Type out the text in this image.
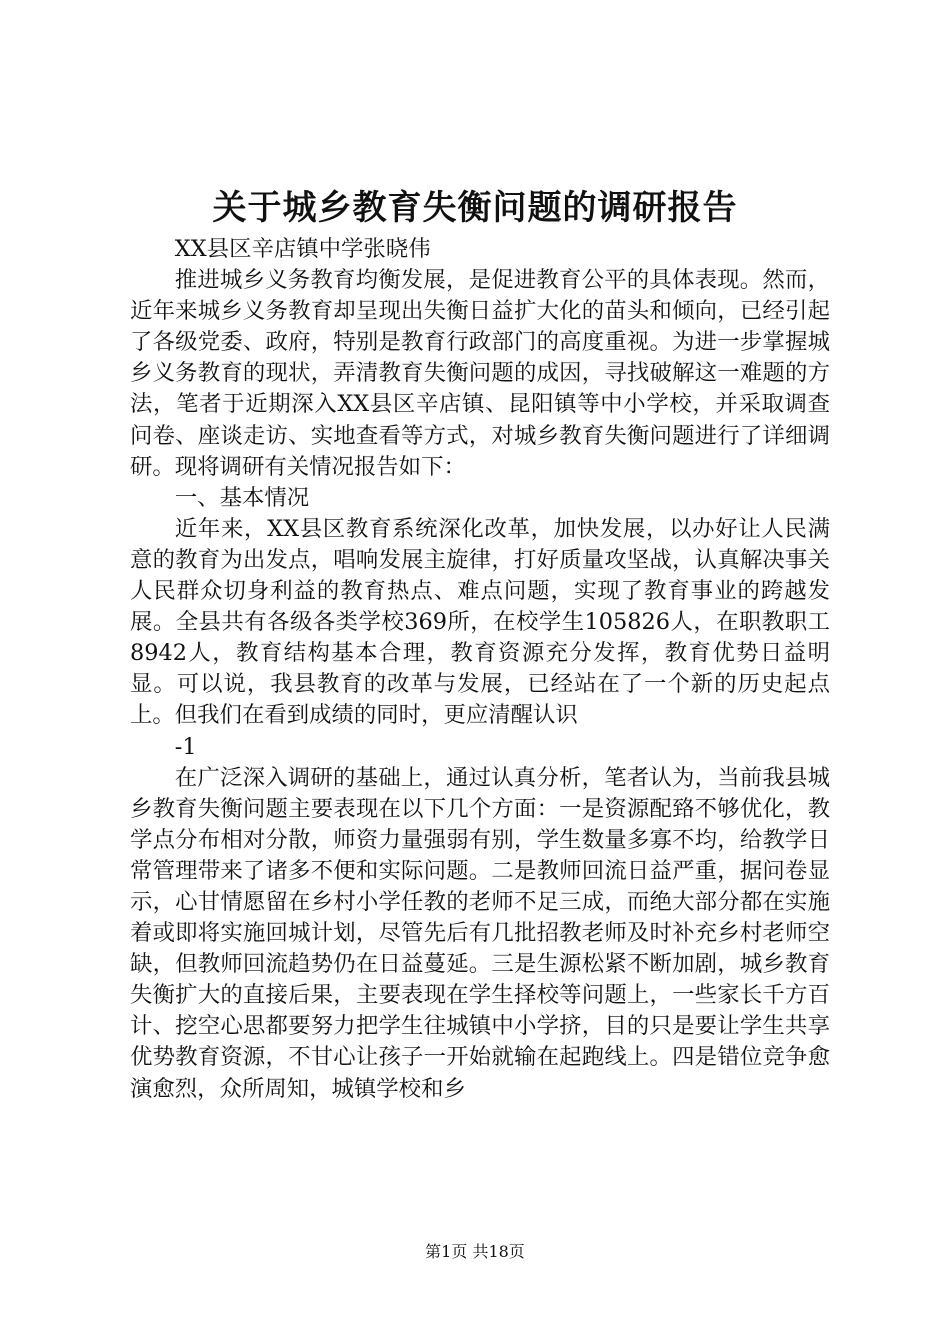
关于城乡教育失衡问题的调研报告

XX县区辛店镇中学张晓伟

推进城乡义务教育均衡发展，是促进教育公平的具体表现。然而，近年来城乡义务教育却呈现出失衡日益扩大化的苗头和倾向，已经引起了各级党委、政府，特别是教育行政部门的高度重视。为进一步掌握城乡义务教育的现状，弄清教育失衡问题的成因，寻找破解这一难题的方法，笔者于近期深入XX县区辛店镇、昆阳镇等中小学校，并采取调查问卷、座谈走访、实地查看等方式，对城乡教育失衡问题进行了详细调研。现将调研有关情况报告如下：

一、基本情况

近年来，XX县区教育系统深化改革，加快发展，以办好让人民满意的教育为出发点，唱响发展主旋律，打好质量攻坚战，认真解决事关人民群众切身利益的教育热点、难点问题，实现了教育事业的跨越发展。全县共有各级各类学校369所，在校学生105826人，在职教职工8942人，教育结构基本合理，教育资源充分发挥，教育优势日益明显。可以说，我县教育的改革与发展，已经站在了一个新的历史起点上。但我们在看到成绩的同时，更应清醒认识

-1

在广泛深入调研的基础上，通过认真分析，笔者认为，当前我县城乡教育失衡问题主要表现在以下几个方面：一是资源配臵不够优化，教学点分布相对分散，师资力量强弱有别，学生数量多寡不均，给教学日常管理带来了诸多不便和实际问题。二是教师回流日益严重，据问卷显示，心甘情愿留在乡村小学任教的老师不足三成，而绝大部分都在实施着或即将实施回城计划，尽管先后有几批招教老师及时补充乡村老师空缺，但教师回流趋势仍在日益蔓延。三是生源松紧不断加剧，城乡教育失衡扩大的直接后果，主要表现在学生择校等问题上，一些家长千方百计、挖空心思都要努力把学生往城镇中小学挤，目的只是要让学生共享优势教育资源，不甘心让孩子一开始就输在起跑线上。四是错位竞争愈演愈烈，众所周知，城镇学校和乡

第1页 共18页
